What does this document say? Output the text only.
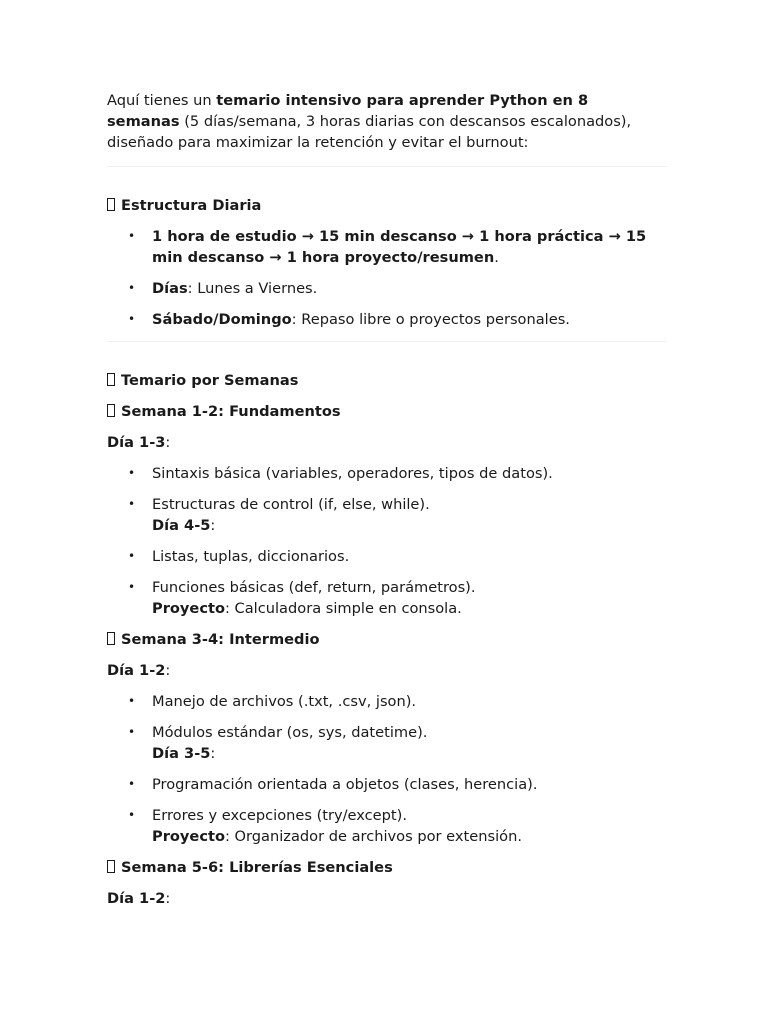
Aquí tienes un temario intensivo para aprender Python en 8 semanas (5 días/semana, 3 horas diarias con descansos escalonados), diseñado para maximizar la retención y evitar el burnout:

Estructura Diaria

• 1 hora de estudio → 15 min descanso → 1 hora práctica → 15 min descanso → 1 hora proyecto/resumen.
• Días: Lunes a Viernes.
• Sábado/Domingo: Repaso libre o proyectos personales.

Temario por Semanas

Semana 1-2: Fundamentos

Día 1-3:

• Sintaxis básica (variables, operadores, tipos de datos).
• Estructuras de control (if, else, while).
Día 4-5:
• Listas, tuplas, diccionarios.
• Funciones básicas (def, return, parámetros).
Proyecto: Calculadora simple en consola.

Semana 3-4: Intermedio

Día 1-2:

• Manejo de archivos (.txt, .csv, json).
• Módulos estándar (os, sys, datetime).
Día 3-5:
• Programación orientada a objetos (clases, herencia).
• Errores y excepciones (try/except).
Proyecto: Organizador de archivos por extensión.

Semana 5-6: Librerías Esenciales

Día 1-2:
